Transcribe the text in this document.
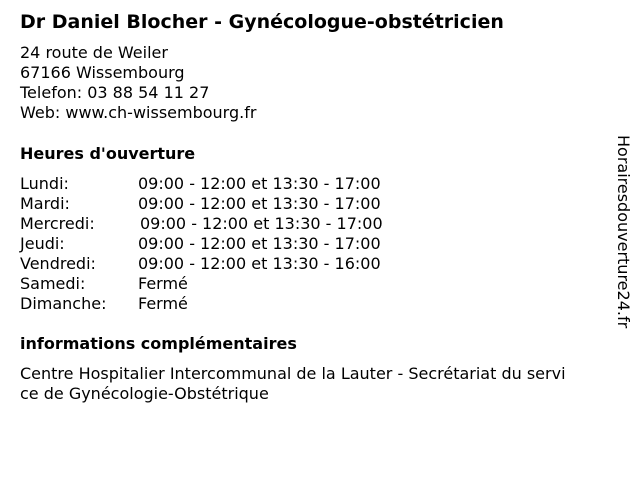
Dr Daniel Blocher - Gynécologue-obstétricien
24 route de Weiler
67166 Wissembourg
Telefon: 03 88 54 11 27
Web: www.ch-wissembourg.fr
Heures d'ouverture
Lundi:	09:00 - 12:00 et 13:30 - 17:00
Mardi:	09:00 - 12:00 et 13:30 - 17:00
Mercredi:	09:00 - 12:00 et 13:30 - 17:00
Jeudi:	09:00 - 12:00 et 13:30 - 17:00
Vendredi:	09:00 - 12:00 et 13:30 - 16:00
Samedi:	Fermé
Dimanche: Fermé
informations complémentaires
Centre Hospitalier Intercommunal de la Lauter - Secrétariat du servi
ce de Gynécologie-Obstétrique
Horairesdouverture24.fr
